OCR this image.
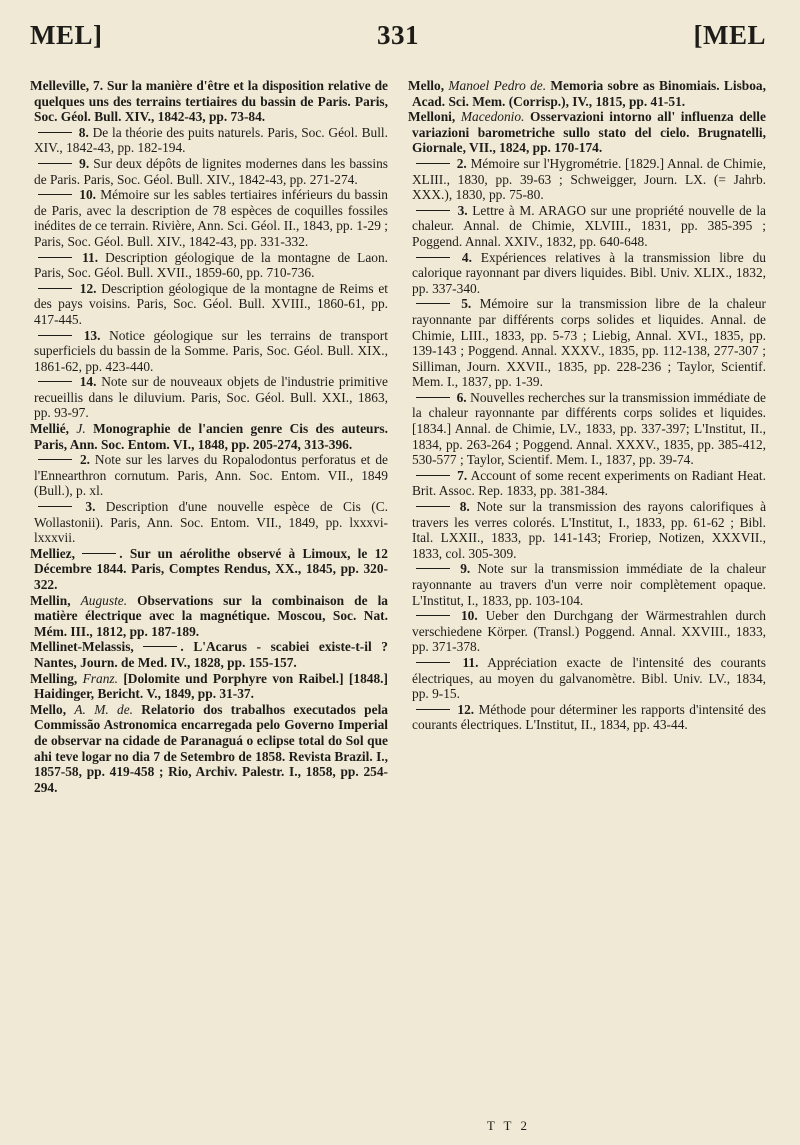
MEL]	331	[MEL

Melleville, 7. Sur la manière d'être et la disposition relative de quelques uns des terrains tertiaires du bassin de Paris. Paris, Soc. Géol. Bull. XIV., 1842-43, pp. 73-84.

8. De la théorie des puits naturels. Paris, Soc. Géol. Bull. XIV., 1842-43, pp. 182-194.

9. Sur deux dépôts de lignites modernes dans les bassins de Paris. Paris, Soc. Géol. Bull. XIV., 1842-43, pp. 271-274.

10. Mémoire sur les sables tertiaires inférieurs du bassin de Paris, avec la description de 78 espèces de coquilles fossiles inédites de ce terrain. Rivière, Ann. Sci. Géol. II., 1843, pp. 1-29 ; Paris, Soc. Géol. Bull. XIV., 1842-43, pp. 331-332.

11. Description géologique de la montagne de Laon. Paris, Soc. Géol. Bull. XVII., 1859-60, pp. 710-736.

12. Description géologique de la montagne de Reims et des pays voisins. Paris, Soc. Géol. Bull. XVIII., 1860-61, pp. 417-445.

13. Notice géologique sur les terrains de transport superficiels du bassin de la Somme. Paris, Soc. Géol. Bull. XIX., 1861-62, pp. 423-440.

14. Note sur de nouveaux objets de l'industrie primitive recueillis dans le diluvium. Paris, Soc. Géol. Bull. XXI., 1863, pp. 93-97.

Mellié, J. Monographie de l'ancien genre Cis des auteurs. Paris, Ann. Soc. Entom. VI., 1848, pp. 205-274, 313-396.

2. Note sur les larves du Ropalodontus perforatus et de l'Ennearthron cornutum. Paris, Ann. Soc. Entom. VII., 1849 (Bull.), p. xl.

3. Description d'une nouvelle espèce de Cis (C. Wollastonii). Paris, Ann. Soc. Entom. VII., 1849, pp. lxxxvi-lxxxvii.

Melliez,	. Sur un aérolithe observé à Limoux, le 12 Décembre 1844. Paris, Comptes Rendus, XX., 1845, pp. 320-322.

Mellin, Auguste. Observations sur la combinaison de la matière électrique avec la magnétique. Moscou, Soc. Nat. Mém. III., 1812, pp. 187-189.

Mellinet-Melassis,	. L'Acarus - scabiei existe-t-il ? Nantes, Journ. de Med. IV., 1828, pp. 155-157.

Melling, Franz. [Dolomite und Porphyre von Raibel.] [1848.] Haidinger, Bericht. V., 1849, pp. 31-37.

Mello, A. M. de. Relatorio dos trabalhos executados pela Commissão Astronomica encarregada pelo Governo Imperial de observar na cidade de Paranaguá o eclipse total do Sol que ahi teve logar no dia 7 de Setembro de 1858. Revista Brazil. I., 1857-58, pp. 419-458 ; Rio, Archiv. Palestr. I., 1858, pp. 254-294.

Mello, Manoel Pedro de. Memoria sobre as Binomiais. Lisboa, Acad. Sci. Mem. (Corrisp.), IV., 1815, pp. 41-51.

Melloni, Macedonio. Osservazioni intorno all' influenza delle variazioni barometriche sullo stato del cielo. Brugnatelli, Giornale, VII., 1824, pp. 170-174.

2. Mémoire sur l'Hygrométrie. [1829.] Annal. de Chimie, XLIII., 1830, pp. 39-63 ; Schweigger, Journ. LX. (= Jahrb. XXX.), 1830, pp. 75-80.

3. Lettre à M. ARAGO sur une propriété nouvelle de la chaleur. Annal. de Chimie, XLVIII., 1831, pp. 385-395 ; Poggend. Annal. XXIV., 1832, pp. 640-648.

4. Expériences relatives à la transmission libre du calorique rayonnant par divers liquides. Bibl. Univ. XLIX., 1832, pp. 337-340.

5. Mémoire sur la transmission libre de la chaleur rayonnante par différents corps solides et liquides. Annal. de Chimie, LIII., 1833, pp. 5-73 ; Liebig, Annal. XVI., 1835, pp. 139-143 ; Poggend. Annal. XXXV., 1835, pp. 112-138, 277-307 ; Silliman, Journ. XXVII., 1835, pp. 228-236 ; Taylor, Scientif. Mem. I., 1837, pp. 1-39.

6. Nouvelles recherches sur la transmission immédiate de la chaleur rayonnante par différents corps solides et liquides. [1834.] Annal. de Chimie, LV., 1833, pp. 337-397; L'Institut, II., 1834, pp. 263-264 ; Poggend. Annal. XXXV., 1835, pp. 385-412, 530-577 ; Taylor, Scientif. Mem. I., 1837, pp. 39-74.

7. Account of some recent experiments on Radiant Heat. Brit. Assoc. Rep. 1833, pp. 381-384.

8. Note sur la transmission des rayons calorifiques à travers les verres colorés. L'Institut, I., 1833, pp. 61-62 ; Bibl. Ital. LXXII., 1833, pp. 141-143; Froriep, Notizen, XXXVII., 1833, col. 305-309.

9. Note sur la transmission immédiate de la chaleur rayonnante au travers d'un verre noir complètement opaque. L'Institut, I., 1833, pp. 103-104.

10. Ueber den Durchgang der Wärmestrahlen durch verschiedene Körper. (Transl.) Poggend. Annal. XXVIII., 1833, pp. 371-378.

11. Appréciation exacte de l'intensité des courants électriques, au moyen du galvanomètre. Bibl. Univ. LV., 1834, pp. 9-15.

12. Méthode pour déterminer les rapports d'intensité des courants électriques. L'Institut, II., 1834, pp. 43-44.

T T 2
